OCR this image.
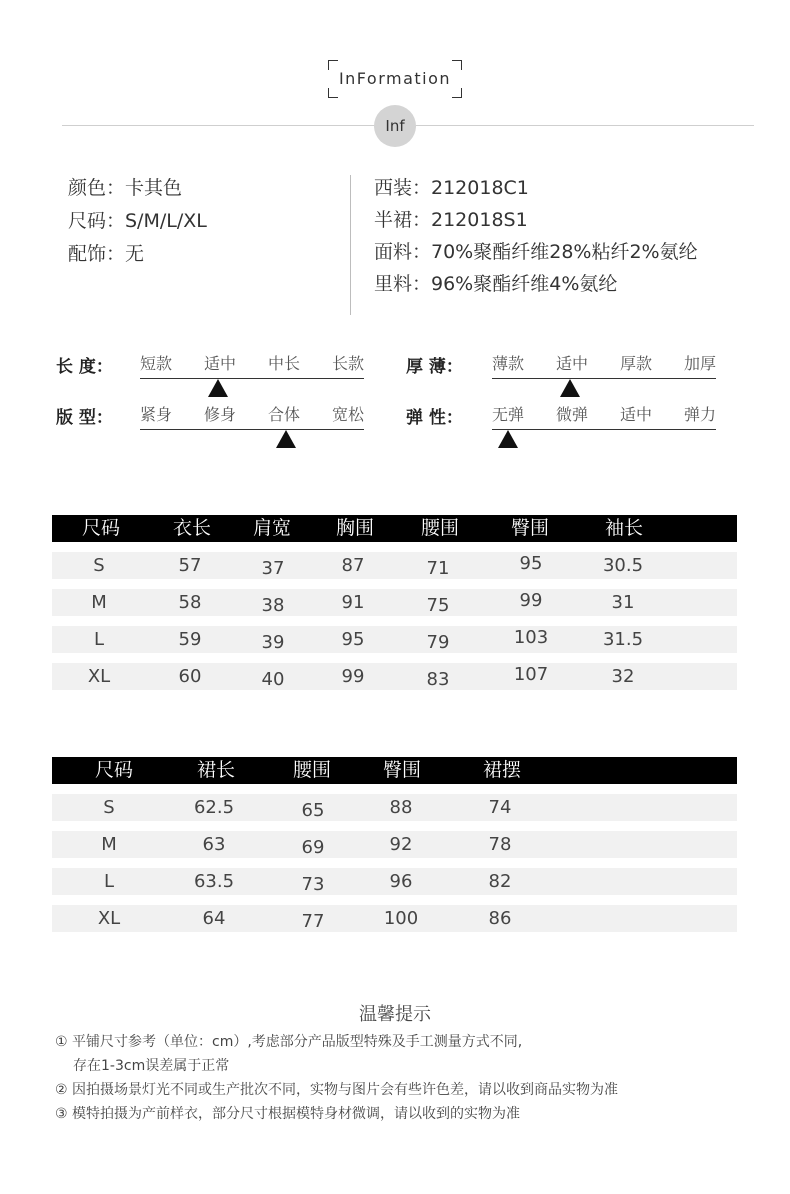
InFormation
Inf
颜色：卡其色
尺码：S/M/L/XL
配饰：无
西装：212018C1
半裙：212018S1
面料：70%聚酯纤维28%粘纤2%氨纶
里料：96%聚酯纤维4%氨纶
长 度： 短款 适中 中长 长款 厚 薄： 薄款 适中 厚款 加厚
版 型： 紧身 修身 合体 宽松 弹 性： 无弹 微弹 适中 弹力
尺码	衣长 肩宽 胸围 腰围	臀围	袖长
S	57	37	87	71	95	30.5
M	58	38	91	75	99	31
L	59	39	95	79	103	31.5
XL	60	40	99	83	107	32
尺码	裙长	腰围	臀围	裙摆
S	62.5	65	88	74
M	63	69	92	78
L	63.5	73	96	82
XL	64	77	100	86
温馨提示
① 平铺尺寸参考（单位：cm）,考虑部分产品版型特殊及手工测量方式不同,
存在1-3cm误差属于正常
② 因拍摄场景灯光不同或生产批次不同，实物与图片会有些许色差，请以收到商品实物为准
③ 模特拍摄为产前样衣，部分尺寸根据模特身材微调，请以收到的实物为准
